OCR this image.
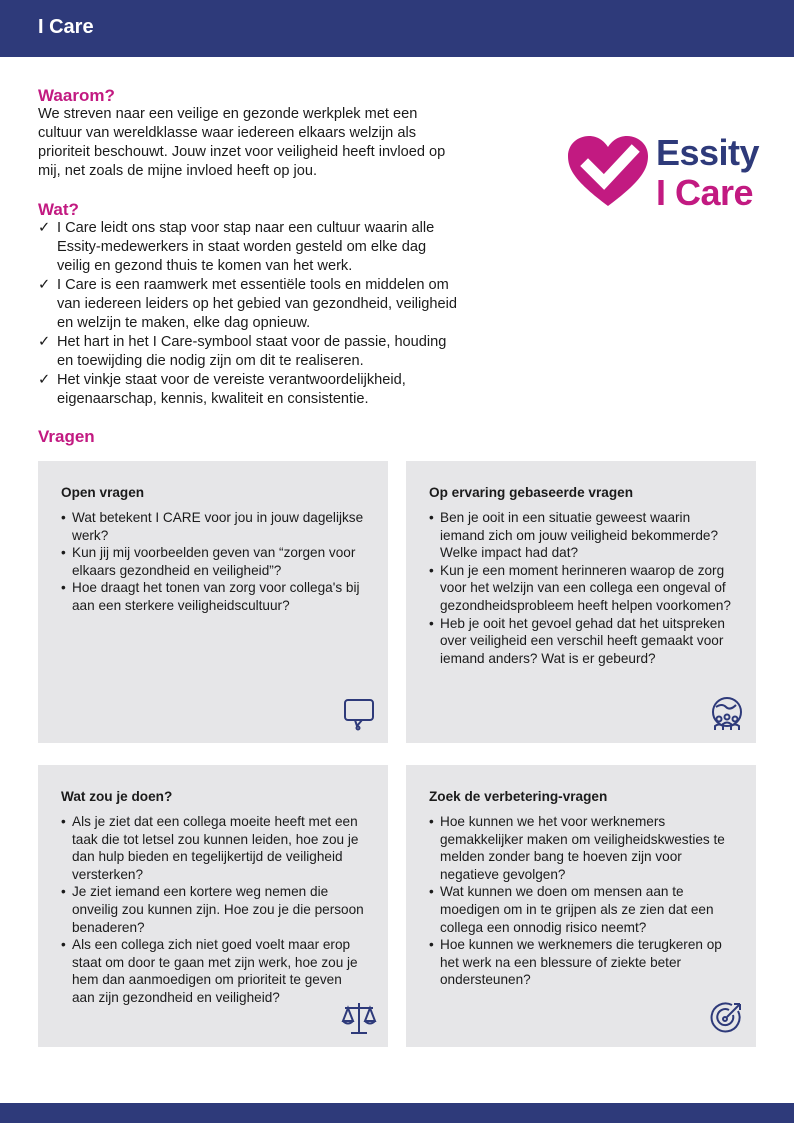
I Care
Waarom?
We streven naar een veilige en gezonde werkplek met een cultuur van wereldklasse waar iedereen elkaars welzijn als prioriteit beschouwt. Jouw inzet voor veiligheid heeft invloed op mij, net zoals de mijne invloed heeft op jou.	Essity
I Care
Wat?
✓ I Care leidt ons stap voor stap naar een cultuur waarin alle Essity-medewerkers in staat worden gesteld om elke dag veilig en gezond thuis te komen van het werk.
✓ I Care is een raamwerk met essentiële tools en middelen om van iedereen leiders op het gebied van gezondheid, veiligheid en welzijn te maken, elke dag opnieuw.
✓ Het hart in het I Care-symbool staat voor de passie, houding en toewijding die nodig zijn om dit te realiseren.
✓ Het vinkje staat voor de vereiste verantwoordelijkheid, eigenaarschap, kennis, kwaliteit en consistentie.
Vragen
Open vragen
• Wat betekent I CARE voor jou in jouw dagelijkse werk?
• Kun jij mij voorbeelden geven van “zorgen voor elkaars gezondheid en veiligheid”?
• Hoe draagt het tonen van zorg voor collega's bij aan een sterkere veiligheidscultuur?
Op ervaring gebaseerde vragen
• Ben je ooit in een situatie geweest waarin iemand zich om jouw veiligheid bekommerde? Welke impact had dat?
• Kun je een moment herinneren waarop de zorg voor het welzijn van een collega een ongeval of gezondheidsprobleem heeft helpen voorkomen?
• Heb je ooit het gevoel gehad dat het uitspreken over veiligheid een verschil heeft gemaakt voor iemand anders? Wat is er gebeurd?
Wat zou je doen?
• Als je ziet dat een collega moeite heeft met een taak die tot letsel zou kunnen leiden, hoe zou je dan hulp bieden en tegelijkertijd de veiligheid versterken?
• Je ziet iemand een kortere weg nemen die onveilig zou kunnen zijn. Hoe zou je die persoon benaderen?
• Als een collega zich niet goed voelt maar erop staat om door te gaan met zijn werk, hoe zou je hem dan aanmoedigen om prioriteit te geven aan zijn gezondheid en veiligheid?
Zoek de verbetering-vragen
• Hoe kunnen we het voor werknemers gemakkelijker maken om veiligheidskwesties te melden zonder bang te hoeven zijn voor negatieve gevolgen?
• Wat kunnen we doen om mensen aan te moedigen om in te grijpen als ze zien dat een collega een onnodig risico neemt?
• Hoe kunnen we werknemers die terugkeren op het werk na een blessure of ziekte beter ondersteunen?
